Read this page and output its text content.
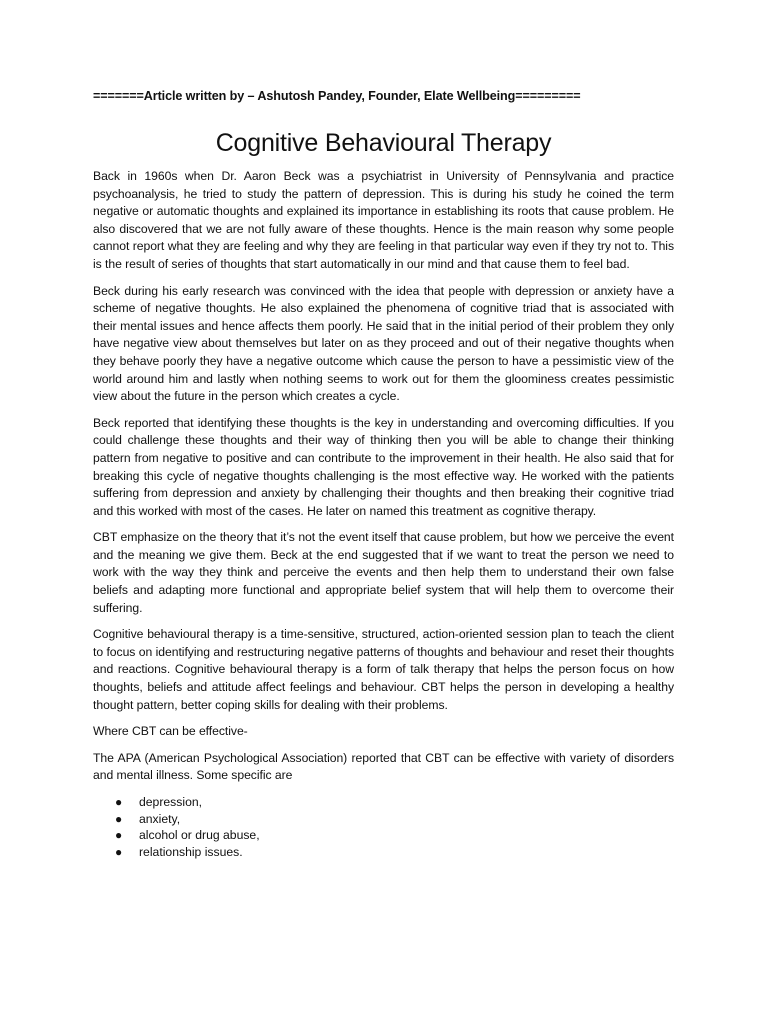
=======Article written by – Ashutosh Pandey, Founder, Elate Wellbeing=========
Cognitive Behavioural Therapy

Back in 1960s when Dr. Aaron Beck was a psychiatrist in University of Pennsylvania and practice psychoanalysis, he tried to study the pattern of depression. This is during his study he coined the term negative or automatic thoughts and explained its importance in establishing its roots that cause problem. He also discovered that we are not fully aware of these thoughts. Hence is the main reason why some people cannot report what they are feeling and why they are feeling in that particular way even if they try not to. This is the result of series of thoughts that start automatically in our mind and that cause them to feel bad.

Beck during his early research was convinced with the idea that people with depression or anxiety have a scheme of negative thoughts. He also explained the phenomena of cognitive triad that is associated with their mental issues and hence affects them poorly. He said that in the initial period of their problem they only have negative view about themselves but later on as they proceed and out of their negative thoughts when they behave poorly they have a negative outcome which cause the person to have a pessimistic view of the world around him and lastly when nothing seems to work out for them the gloominess creates pessimistic view about the future in the person which creates a cycle.

Beck reported that identifying these thoughts is the key in understanding and overcoming difficulties. If you could challenge these thoughts and their way of thinking then you will be able to change their thinking pattern from negative to positive and can contribute to the improvement in their health. He also said that for breaking this cycle of negative thoughts challenging is the most effective way. He worked with the patients suffering from depression and anxiety by challenging their thoughts and then breaking their cognitive triad and this worked with most of the cases. He later on named this treatment as cognitive therapy.

CBT emphasize on the theory that it’s not the event itself that cause problem, but how we perceive the event and the meaning we give them. Beck at the end suggested that if we want to treat the person we need to work with the way they think and perceive the events and then help them to understand their own false beliefs and adapting more functional and appropriate belief system that will help them to overcome their suffering.

Cognitive behavioural therapy is a time-sensitive, structured, action-oriented session plan to teach the client to focus on identifying and restructuring negative patterns of thoughts and behaviour and reset their thoughts and reactions. Cognitive behavioural therapy is a form of talk therapy that helps the person focus on how thoughts, beliefs and attitude affect feelings and behaviour. CBT helps the person in developing a healthy thought pattern, better coping skills for dealing with their problems.

Where CBT can be effective-

The APA (American Psychological Association) reported that CBT can be effective with variety of disorders and mental illness. Some specific are

● depression,
● anxiety,
● alcohol or drug abuse,
● relationship issues.
